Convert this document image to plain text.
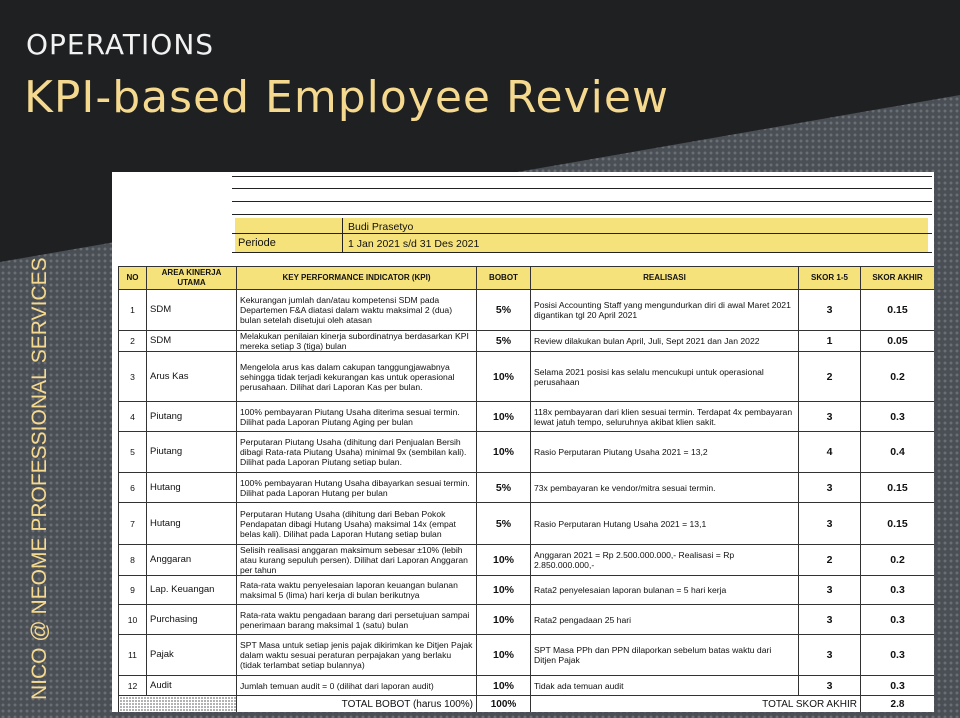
OPERATIONS
KPI-based Employee Review
NICO @ NEOME PROFESSIONAL SERVICES
Budi Prasetyo
Periode	1 Jan 2021 s/d 31 Des 2021
NO	AREA KINERJA UTAMA	KEY PERFORMANCE INDICATOR (KPI)	BOBOT	REALISASI	SKOR 1-5	SKOR AKHIR
1	SDM	Kekurangan jumlah dan/atau kompetensi SDM pada Departemen F&A diatasi dalam waktu maksimal 2 (dua) bulan setelah disetujui oleh atasan	5%	Posisi Accounting Staff yang mengundurkan diri di awal Maret 2021 digantikan tgl 20 April 2021	3	0.15
2	SDM	Melakukan penilaian kinerja subordinatnya berdasarkan KPI mereka setiap 3 (tiga) bulan	5%	Review dilakukan bulan April, Juli, Sept 2021 dan Jan 2022	1	0.05
3	Arus Kas	Mengelola arus kas dalam cakupan tanggungjawabnya sehingga tidak terjadi kekurangan kas untuk operasional perusahaan. Dilihat dari Laporan Kas per bulan.	10%	Selama 2021 posisi kas selalu mencukupi untuk operasional perusahaan	2	0.2
4	Piutang	100% pembayaran Piutang Usaha diterima sesuai termin. Dilihat pada Laporan Piutang Aging per bulan	10%	118x pembayaran dari klien sesuai termin. Terdapat 4x pembayaran lewat jatuh tempo, seluruhnya akibat klien sakit.	3	0.3
5	Piutang	Perputaran Piutang Usaha (dihitung dari Penjualan Bersih dibagi Rata-rata Piutang Usaha) minimal 9x (sembilan kali). Dilihat pada Laporan Piutang setiap bulan.	10%	Rasio Perputaran Piutang Usaha 2021 = 13,2	4	0.4
6	Hutang	100% pembayaran Hutang Usaha dibayarkan sesuai termin. Dilihat pada Laporan Hutang per bulan	5%	73x pembayaran ke vendor/mitra sesuai termin.	3	0.15
7	Hutang	Perputaran Hutang Usaha (dihitung dari Beban Pokok Pendapatan dibagi Hutang Usaha) maksimal 14x (empat belas kali). Dilihat pada Laporan Hutang setiap bulan	5%	Rasio Perputaran Hutang Usaha 2021 = 13,1	3	0.15
8	Anggaran	Selisih realisasi anggaran maksimum sebesar ±10% (lebih atau kurang sepuluh persen). Dilihat dari Laporan Anggaran per tahun	10%	Anggaran 2021 = Rp 2.500.000.000,- Realisasi = Rp 2.850.000.000,-	2	0.2
9	Lap. Keuangan	Rata-rata waktu penyelesaian laporan keuangan bulanan maksimal 5 (lima) hari kerja di bulan berikutnya	10%	Rata2 penyelesaian laporan bulanan = 5 hari kerja	3	0.3
10	Purchasing	Rata-rata waktu pengadaan barang dari persetujuan sampai penerimaan barang maksimal 1 (satu) bulan	10%	Rata2 pengadaan 25 hari	3	0.3
11	Pajak	SPT Masa untuk setiap jenis pajak dikirimkan ke Ditjen Pajak dalam waktu sesuai peraturan perpajakan yang berlaku (tidak terlambat setiap bulannya)	10%	SPT Masa PPh dan PPN dilaporkan sebelum batas waktu dari Ditjen Pajak	3	0.3
12	Audit	Jumlah temuan audit = 0 (dilihat dari laporan audit)	10%	Tidak ada temuan audit	3	0.3
		TOTAL BOBOT (harus 100%)	100%	TOTAL SKOR AKHIR		2.8
